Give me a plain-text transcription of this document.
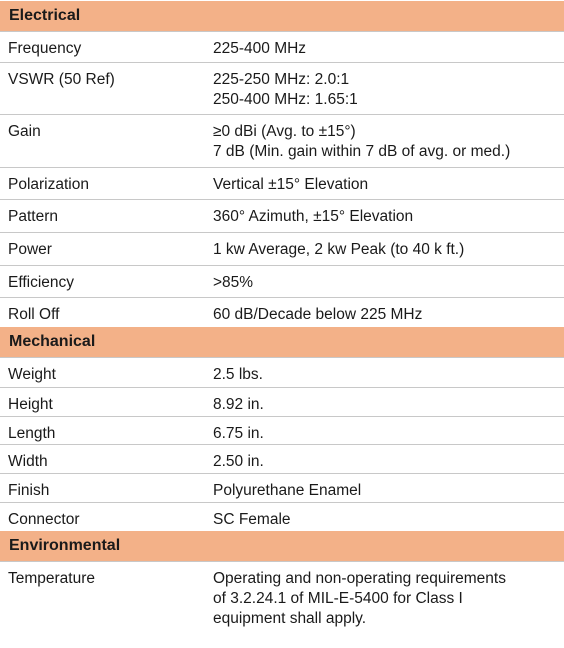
Electrical
Frequency	225-400 MHz
VSWR (50 Ref)	225-250 MHz: 2.0:1
250-400 MHz: 1.65:1
Gain	≥0 dBi (Avg. to ±15°)
7 dB (Min. gain within 7 dB of avg. or med.)
Polarization	Vertical ±15° Elevation
Pattern	360° Azimuth, ±15° Elevation
Power	1 kw Average, 2 kw Peak (to 40 k ft.)
Efficiency	>85%
Roll Off	60 dB/Decade below 225 MHz
Mechanical
Weight	2.5 lbs.
Height	8.92 in.
Length	6.75 in.
Width	2.50 in.
Finish	Polyurethane Enamel
Connector	SC Female
Environmental
Temperature	Operating and non-operating requirements
of 3.2.24.1 of MIL-E-5400 for Class I
equipment shall apply.
